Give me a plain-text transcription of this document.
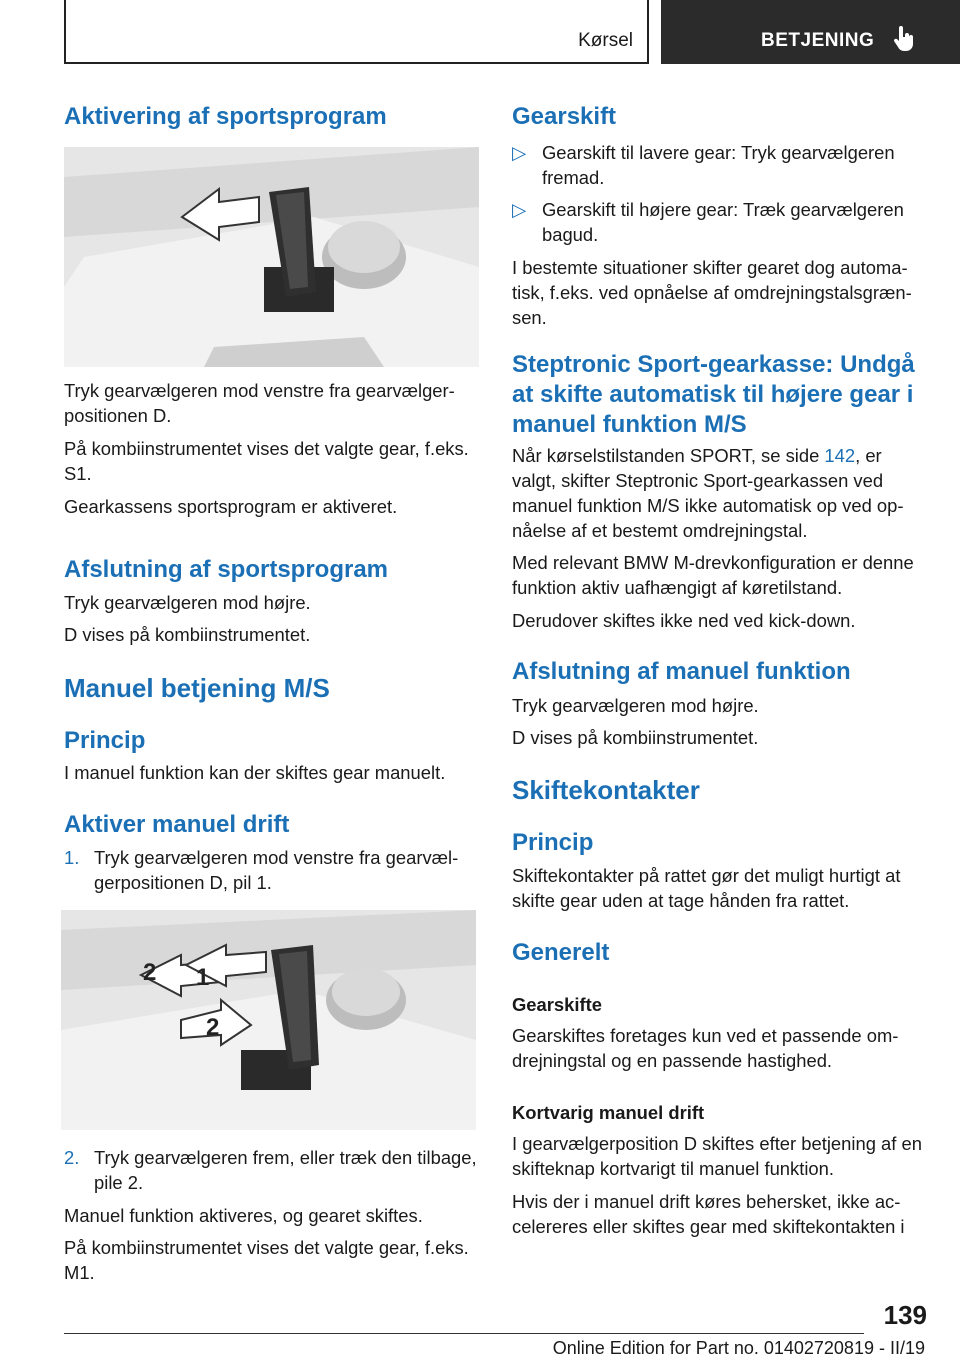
Kørsel	BETJENING
Aktivering af sportsprogram
Tryk gearvælgeren mod venstre fra gearvælgerpositionen D.
På kombiinstrumentet vises det valgte gear, f.eks. S1.
Gearkassens sportsprogram er aktiveret.
Afslutning af sportsprogram
Tryk gearvælgeren mod højre.
D vises på kombiinstrumentet.
Manuel betjening M/S
Princip
I manuel funktion kan der skiftes gear manuelt.
Aktiver manuel drift
1. Tryk gearvælgeren mod venstre fra gearvælgerpositionen D, pil 1.
2 1
2
2. Tryk gearvælgeren frem, eller træk den tilbage, pile 2.
Manuel funktion aktiveres, og gearet skiftes.
På kombiinstrumentet vises det valgte gear, f.eks. M1.
Gearskift
▷ Gearskift til lavere gear: Tryk gearvælgeren fremad.
▷ Gearskift til højere gear: Træk gearvælgeren bagud.
I bestemte situationer skifter gearet dog automatisk, f.eks. ved opnåelse af omdrejningstalsgrænsen.
Steptronic Sport-gearkasse: Undgå at skifte automatisk til højere gear i manuel funktion M/S
Når kørselstilstanden SPORT, se side 142, er valgt, skifter Steptronic Sport-gearkassen ved manuel funktion M/S ikke automatisk op ved opnåelse af et bestemt omdrejningstal.
Med relevant BMW M-drevkonfiguration er denne funktion aktiv uafhængigt af køretilstand.
Derudover skiftes ikke ned ved kick-down.
Afslutning af manuel funktion
Tryk gearvælgeren mod højre.
D vises på kombiinstrumentet.
Skiftekontakter
Princip
Skiftekontakter på rattet gør det muligt hurtigt at skifte gear uden at tage hånden fra rattet.
Generelt
Gearskifte
Gearskiftes foretages kun ved et passende omdrejningstal og en passende hastighed.
Kortvarig manuel drift
I gearvælgerposition D skiftes efter betjening af en skifteknap kortvarigt til manuel funktion.
Hvis der i manuel drift køres behersket, ikke accelereres eller skiftes gear med skiftekontakten i
139
Online Edition for Part no. 01402720819 - II/19
